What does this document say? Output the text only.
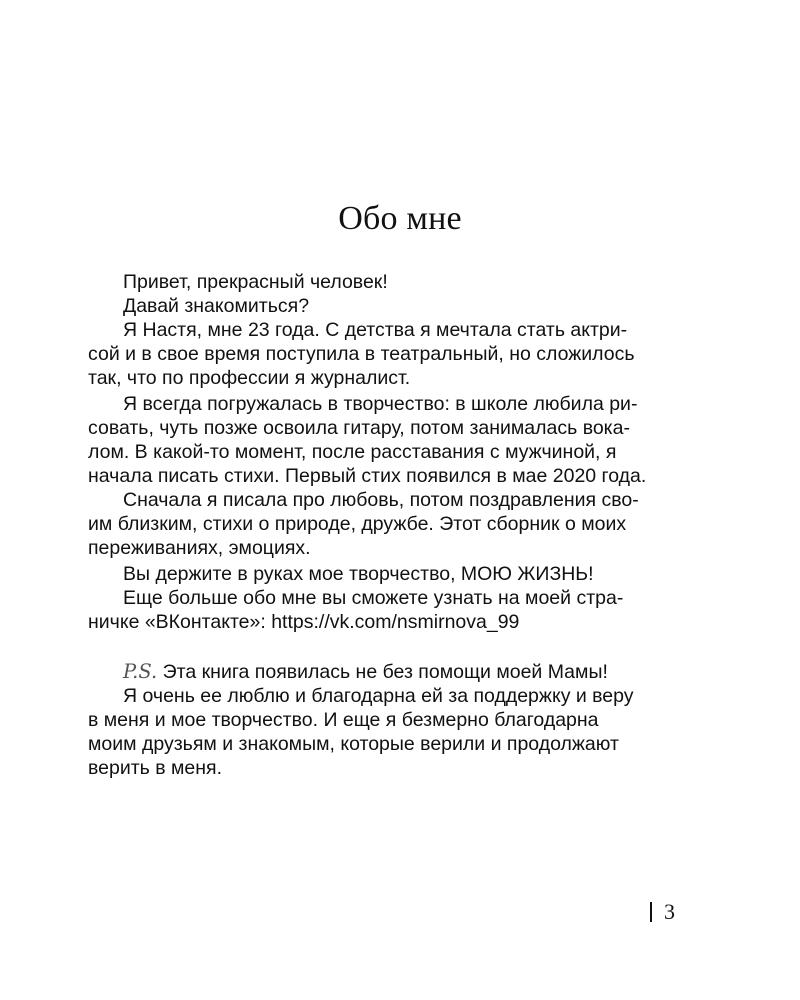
Обо мне
Привет, прекрасный человек!
Давай знакомиться?
Я Настя, мне 23 года. С детства я мечтала стать актри-
сой и в свое время поступила в театральный, но сложилось
так, что по профессии я журналист.
Я всегда погружалась в творчество: в школе любила ри-
совать, чуть позже освоила гитару, потом занималась вока-
лом. В какой-то момент, после расставания с мужчиной, я
начала писать стихи. Первый стих появился в мае 2020 года.
Сначала я писала про любовь, потом поздравления сво-
им близким, стихи о природе, дружбе. Этот сборник о моих
переживаниях, эмоциях.
Вы держите в руках мое творчество, МОЮ ЖИЗНЬ!
Еще больше обо мне вы сможете узнать на моей стра-
ничке «ВКонтакте»: https://vk.com/nsmirnova_99
P.S. Эта книга появилась не без помощи моей Мамы!
Я очень ее люблю и благодарна ей за поддержку и веру
в меня и мое творчество. И еще я безмерно благодарна
моим друзьям и знакомым, которые верили и продолжают
верить в меня.
3
